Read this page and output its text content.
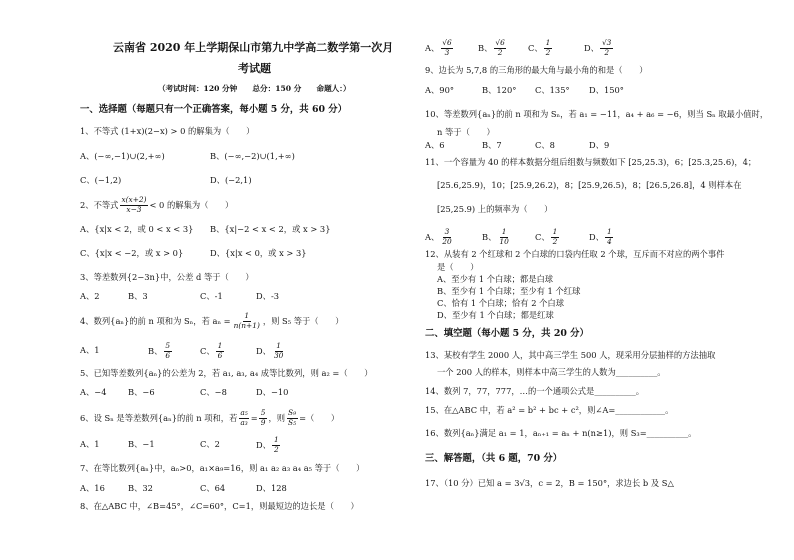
云南省 2020 年上学期保山市第九中学高二数学第一次月
考试题
（考试时间：120 分钟　　总分：150 分　　命题人：）
一、选择题（每题只有一个正确答案，每小题 5 分，共 60 分）
1、不等式 (1+x)(2−x) > 0 的解集为（　　）
A、(−∞,−1)∪(2,+∞)	B、(−∞,−2)∪(1,+∞)
C、(−1,2)	D、(−2,1)
2、不等式 $\frac{x(x+2)}{x-3} < 0$ 的解集为（　　）
A、{x|x < 2，或 0 < x < 3} B、{x|−2 < x < 2，或 x > 3}
C、{x|x < −2，或 x > 0}	D、{x|x < 0，或 x > 3}
3、等差数列{2−3n}中，公差 d 等于（　　）
A、2	B、3	C、-1	D、-3
4、数列{aₙ}的前 n 项和为 Sₙ，若 $a_n = \frac{1}{n(n+1)}$ ，则 S₅ 等于（　　）
A、1	B、 $\frac{5}{6}$	C、 $\frac{1}{6}$	D、 $\frac{1}{30}$
5、已知等差数列{aₙ}的公差为 2，若 a₁, a₃, a₄ 成等比数列，则 a₂ =（　　）
A、−4	B、−6	C、−8	D、−10
6、设 Sₙ 是等差数列{aₙ}的前 n 项和，若 $\frac{\text{a₅}}{\text{a₃}} = \frac{5}{9}$ ，则 $\frac{\text{S₉}}{\text{S₅}}$ =（　　）
A、1	B、−1	C、2	D、 $\frac{1}{2}$
7、在等比数列{aₙ}中，aₙ>0，a₁×a₉=16，则 a₁ a₂ a₃ a₄ a₅ 等于（　　）
A、16	B、32	C、64	D、128
8、在△ABC 中，∠B=45°，∠C=60°，C=1，则最短边的边长是（　　）
A、 $\frac{√6}{3}$	B、 $\frac{√6}{2}$	C、 $\frac{1}{2}$	D、 $\frac{√3}{2}$
9、边长为 5,7,8 的三角形的最大角与最小角的和是（　　）
A、90°	B、120° C、135° D、150°
10、等差数列{aₙ}的前 n 项和为 Sₙ，若 a₁ = −11，a₄ + a₆ = −6，则当 Sₙ 取最小值时，
n 等于（　　）
A、6	B、7	C、8	D、9
11、一个容量为 40 的样本数据分组后组数与频数如下 [25,25.3)，6；[25.3,25.6)，4；
[25.6,25.9)，10；[25.9,26.2)，8；[25.9,26.5)，8；[26.5,26.8]，4 则样本在
[25,25.9) 上的频率为（　　）
A、 $\frac{3}{20}$	B、 $\frac{1}{10}$	C、 $\frac{1}{2}$	D、 $\frac{1}{4}$
12、从装有 2 个红球和 2 个白球的口袋内任取 2 个球，互斥而不对应的两个事件
是（　　）
A、至少有 1 个白球；都是白球
B、至少有 1 个白球；至少有 1 个红球
C、恰有 1 个白球；恰有 2 个白球
D、至少有 1 个白球；都是红球
二、填空题（每小题 5 分，共 20 分）
13、某校有学生 2000 人，其中高三学生 500 人，现采用分层抽样的方法抽取
一个 200 人的样本，则样本中高三学生的人数为__________。
14、数列 7，77，777，…的一个通项公式是__________。
15、在△ABC 中，若 a² = b² + bc + c²，则∠A=____________。
16、数列{aₙ}满足 a₁ = 1，aₙ₊₁ = aₙ + n(n≥1)，则 S₃=__________。
三、解答题，（共 6 题，70 分）
17、（10 分）已知 a = 3√3，c = 2，B = 150°，求边长 b 及 S△
